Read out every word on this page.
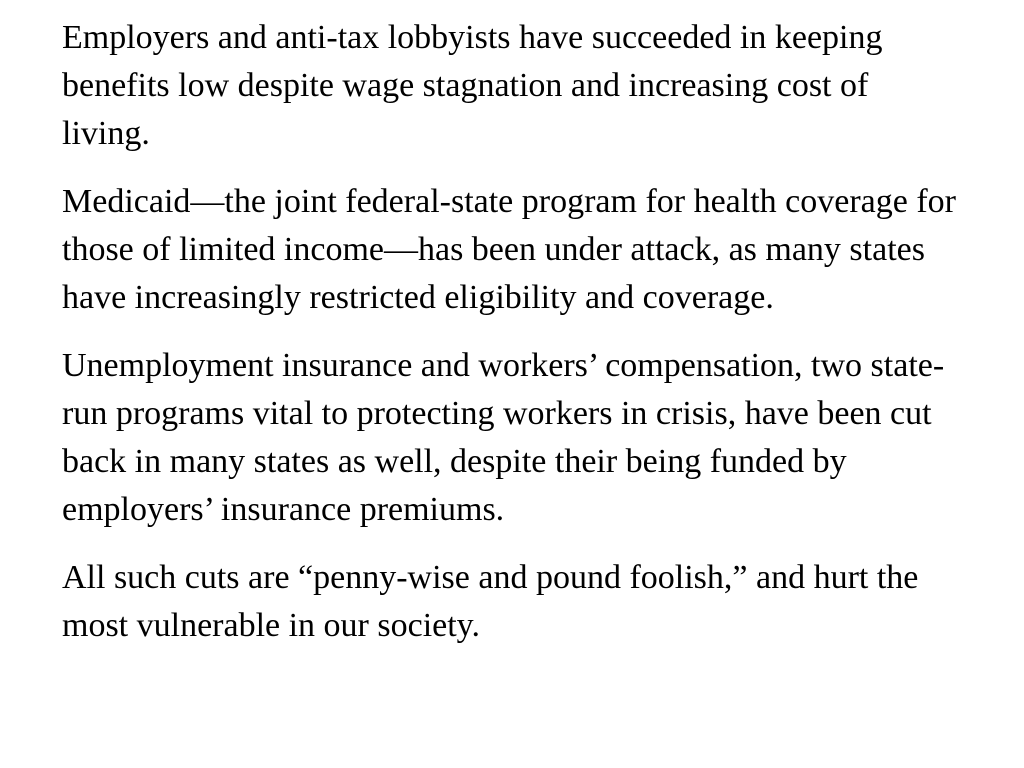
Employers and anti-tax lobbyists have succeeded in keeping benefits low despite wage stagnation and increasing cost of living.

Medicaid—the joint federal-state program for health coverage for those of limited income—has been under attack, as many states have increasingly restricted eligibility and coverage.

Unemployment insurance and workers’ compensation, two state-run programs vital to protecting workers in crisis, have been cut back in many states as well, despite their being funded by employers’ insurance premiums.

All such cuts are “penny-wise and pound foolish,” and hurt the most vulnerable in our society.
